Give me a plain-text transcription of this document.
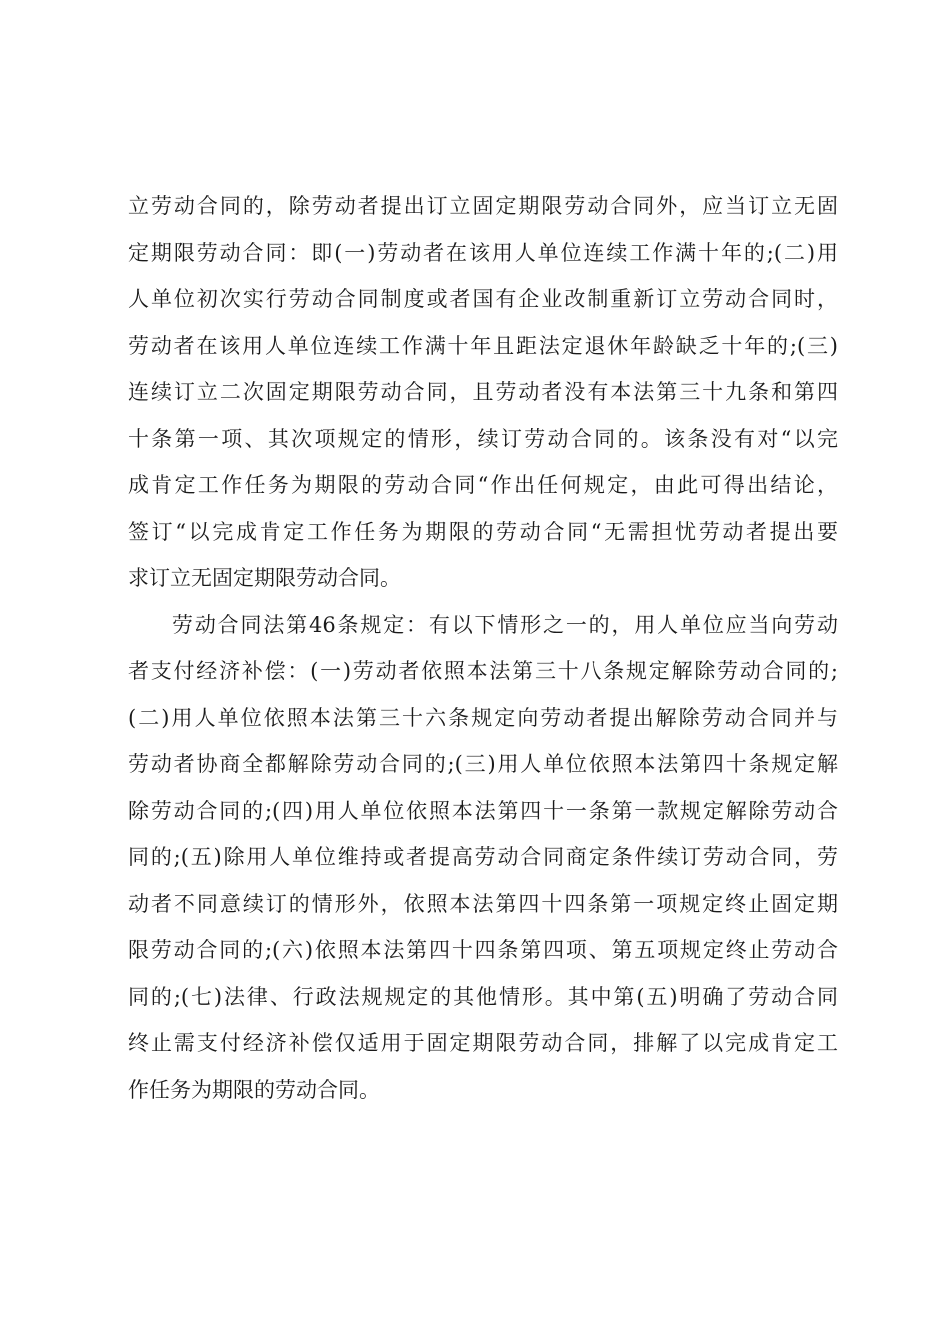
立劳动合同的，除劳动者提出订立固定期限劳动合同外，应当订立无固
定期限劳动合同：即(一)劳动者在该用人单位连续工作满十年的;(二)用
人单位初次实行劳动合同制度或者国有企业改制重新订立劳动合同时，
劳动者在该用人单位连续工作满十年且距法定退休年龄缺乏十年的;(三)
连续订立二次固定期限劳动合同，且劳动者没有本法第三十九条和第四
十条第一项、其次项规定的情形，续订劳动合同的。该条没有对“以完
成肯定工作任务为期限的劳动合同“作出任何规定，由此可得出结论，
签订“以完成肯定工作任务为期限的劳动合同“无需担忧劳动者提出要
求订立无固定期限劳动合同。
劳动合同法第46条规定：有以下情形之一的，用人单位应当向劳动
者支付经济补偿：(一)劳动者依照本法第三十八条规定解除劳动合同的;
(二)用人单位依照本法第三十六条规定向劳动者提出解除劳动合同并与
劳动者协商全都解除劳动合同的;(三)用人单位依照本法第四十条规定解
除劳动合同的;(四)用人单位依照本法第四十一条第一款规定解除劳动合
同的;(五)除用人单位维持或者提高劳动合同商定条件续订劳动合同，劳
动者不同意续订的情形外，依照本法第四十四条第一项规定终止固定期
限劳动合同的;(六)依照本法第四十四条第四项、第五项规定终止劳动合
同的;(七)法律、行政法规规定的其他情形。其中第(五)明确了劳动合同
终止需支付经济补偿仅适用于固定期限劳动合同，排解了以完成肯定工
作任务为期限的劳动合同。
